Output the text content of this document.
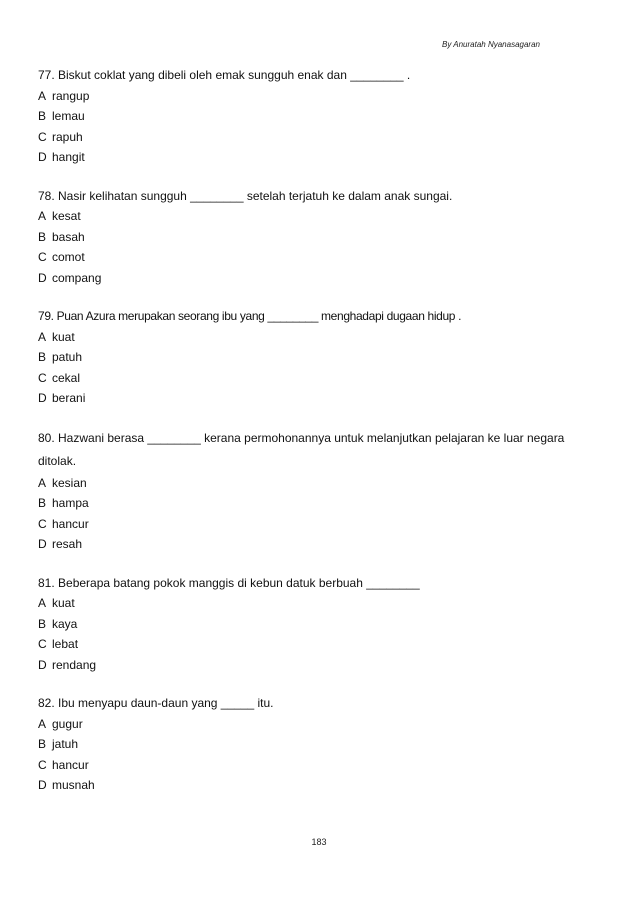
By Anuratah Nyanasagaran

77. Biskut coklat yang dibeli oleh emak sungguh enak dan ________ .

A rangup

B lemau

C rapuh

D hangit

78. Nasir kelihatan sungguh ________ setelah terjatuh ke dalam anak sungai.

A kesat

B basah

C comot

D compang

79. Puan Azura merupakan seorang ibu yang ________ menghadapi dugaan hidup .

A kuat

B patuh

C cekal

D berani

80. Hazwani berasa ________ kerana permohonannya untuk melanjutkan pelajaran ke luar negara ditolak.

A kesian

B hampa

C hancur

D resah

81. Beberapa batang pokok manggis di kebun datuk berbuah ________

A kuat

B kaya

C lebat

D rendang

82. Ibu menyapu daun-daun yang _____ itu.

A gugur

B jatuh

C hancur

D musnah

183
